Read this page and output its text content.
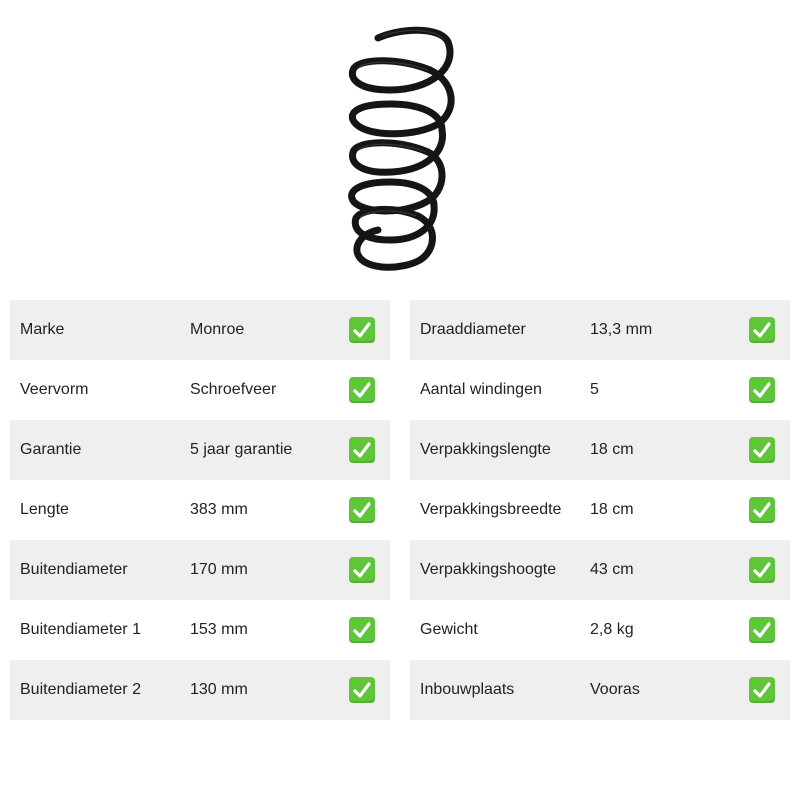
Marke	Monroe
Veervorm	Schroefveer
Garantie	5 jaar garantie
Lengte	383 mm
Buitendiameter	170 mm
Buitendiameter 1	153 mm
Buitendiameter 2	130 mm
Draaddiameter	13,3 mm
Aantal windingen	5
Verpakkingslengte 18 cm
Verpakkingsbreedte 18 cm
Verpakkingshoogte 43 cm
Gewicht	2,8 kg
Inbouwplaats	Vooras
